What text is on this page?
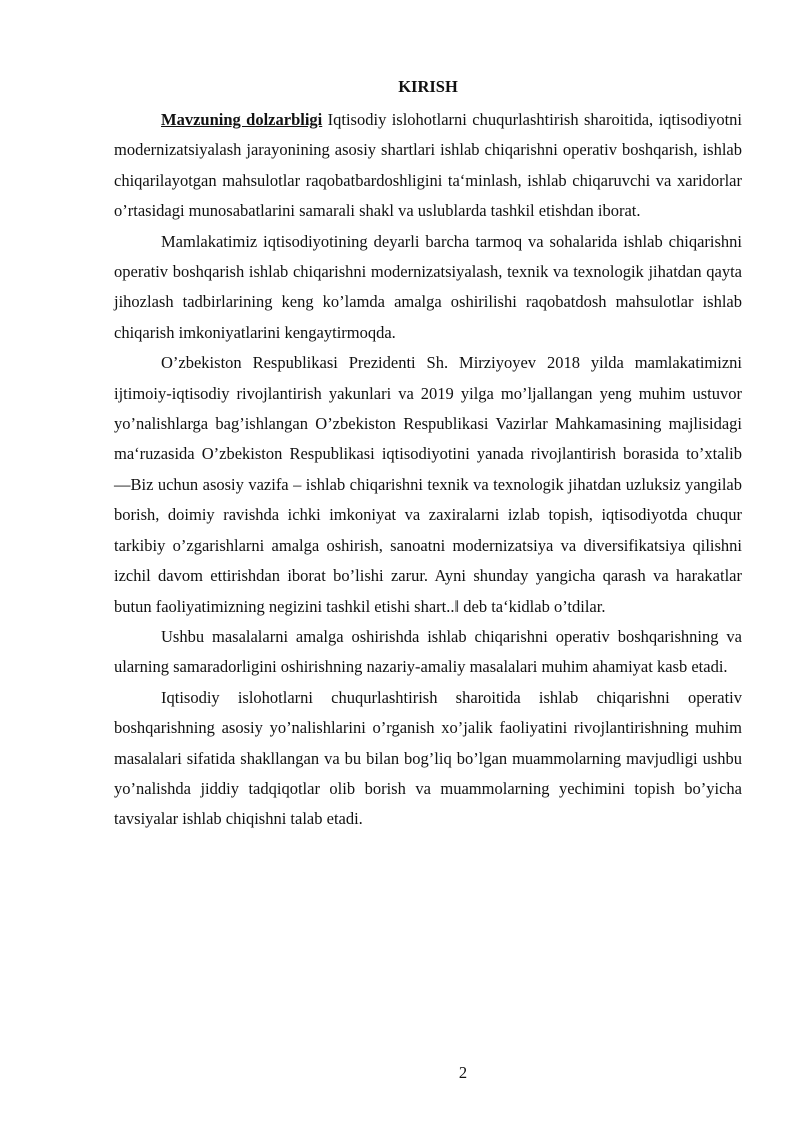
KIRISH

Mavzuning dolzarbligi Iqtisodiy islohotlarni chuqurlashtirish sharoitida, iqtisodiyotni modernizatsiyalash jarayonining asosiy shartlari ishlab chiqarishni operativ boshqarish, ishlab chiqarilayotgan mahsulotlar raqobatbardoshligini ta‘minlash, ishlab chiqaruvchi va xaridorlar o’rtasidagi munosabatlarini samarali shakl va uslublarda tashkil etishdan iborat.

Mamlakatimiz iqtisodiyotining deyarli barcha tarmoq va sohalarida ishlab chiqarishni operativ boshqarish ishlab chiqarishni modernizatsiyalash, texnik va texnologik jihatdan qayta jihozlash tadbirlarining keng ko’lamda amalga oshirilishi raqobatdosh mahsulotlar ishlab chiqarish imkoniyatlarini kengaytirmoqda.

O’zbekiston Respublikasi Prezidenti Sh. Mirziyoyev 2018 yilda mamlakatimizni ijtimoiy-iqtisodiy rivojlantirish yakunlari va 2019 yilga mo’ljallangan yeng muhim ustuvor yo’nalishlarga bag’ishlangan O’zbekiston Respublikasi Vazirlar Mahkamasining majlisidagi ma‘ruzasida O’zbekiston Respublikasi iqtisodiyotini yanada rivojlantirish borasida to’xtalib ―Biz uchun asosiy vazifa – ishlab chiqarishni texnik va texnologik jihatdan uzluksiz yangilab borish, doimiy ravishda ichki imkoniyat va zaxiralarni izlab topish, iqtisodiyotda chuqur tarkibiy o’zgarishlarni amalga oshirish, sanoatni modernizatsiya va diversifikatsiya qilishni izchil davom ettirishdan iborat bo’lishi zarur. Ayni shunday yangicha qarash va harakatlar butun faoliyatimizning negizini tashkil etishi shart..‖ deb ta‘kidlab o’tdilar.

Ushbu masalalarni amalga oshirishda ishlab chiqarishni operativ boshqarishning va ularning samaradorligini oshirishning nazariy-amaliy masalalari muhim ahamiyat kasb etadi.

Iqtisodiy islohotlarni chuqurlashtirish sharoitida ishlab chiqarishni operativ boshqarishning asosiy yo’nalishlarini o’rganish xo’jalik faoliyatini rivojlantirishning muhim masalalari sifatida shakllangan va bu bilan bog’liq bo’lgan muammolarning mavjudligi ushbu yo’nalishda jiddiy tadqiqotlar olib borish va muammolarning yechimini topish bo’yicha tavsiyalar ishlab chiqishni talab etadi.

2
